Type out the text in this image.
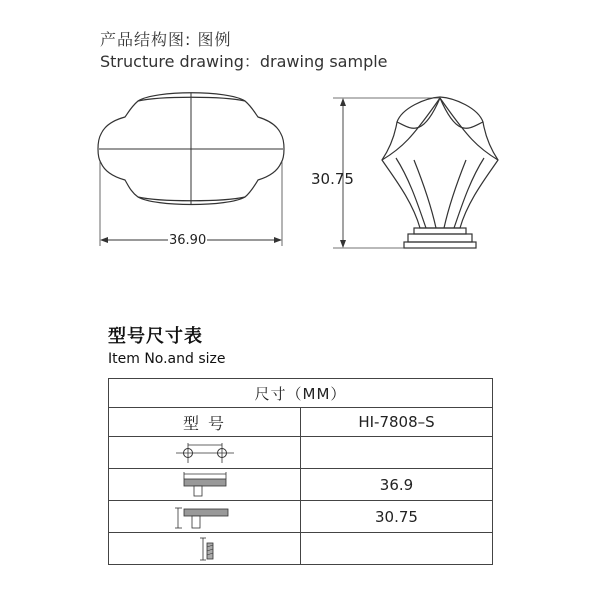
产品结构图: 图例
Structure drawing：drawing sample
36.90
30.75
型号尺寸表
Item No.and size
尺寸（MM）	
型 号	HI-7808–S

	36.9

	30.75
